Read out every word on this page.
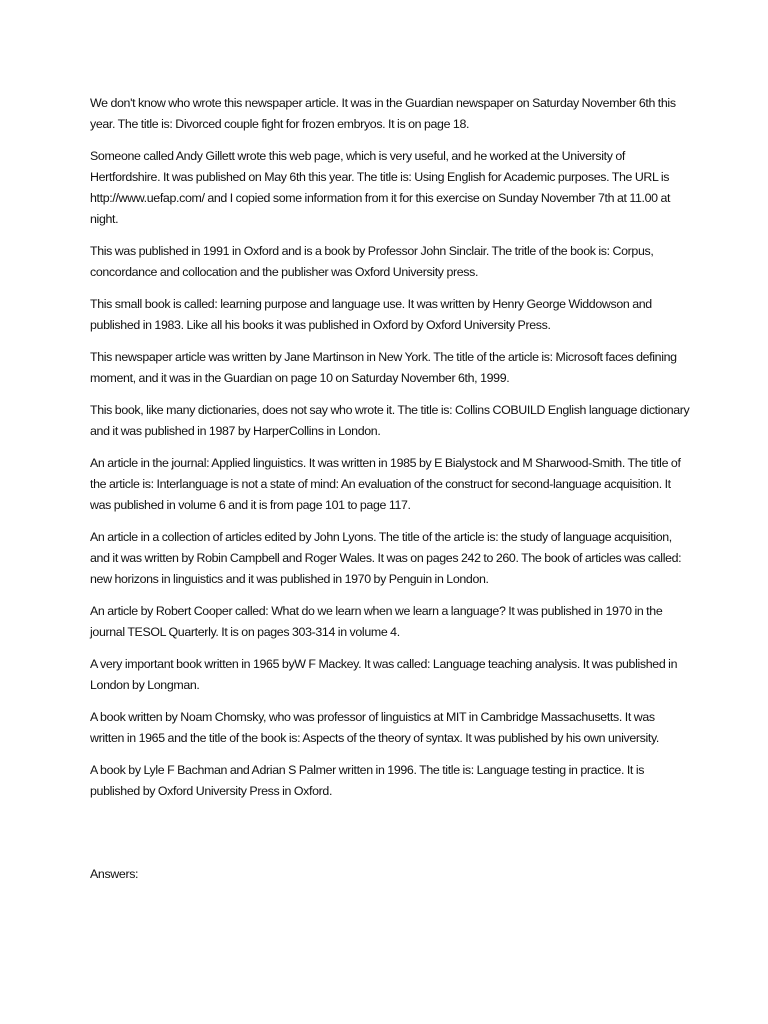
We don't know who wrote this newspaper article. It was in the Guardian newspaper on Saturday November 6th this year. The title is: Divorced couple fight for frozen embryos. It is on page 18.

Someone called Andy Gillett wrote this web page, which is very useful, and he worked at the University of Hertfordshire. It was published on May 6th this year. The title is: Using English for Academic purposes. The URL is http://www.uefap.com/ and I copied some information from it for this exercise on Sunday November 7th at 11.00 at night.

This was published in 1991 in Oxford and is a book by Professor John Sinclair. The tritle of the book is: Corpus, concordance and collocation and the publisher was Oxford University press.

This small book is called: learning purpose and language use. It was written by Henry George Widdowson and published in 1983. Like all his books it was published in Oxford by Oxford University Press.

This newspaper article was written by Jane Martinson in New York. The title of the article is: Microsoft faces defining moment, and it was in the Guardian on page 10 on Saturday November 6th, 1999.

This book, like many dictionaries, does not say who wrote it. The title is: Collins COBUILD English language dictionary and it was published in 1987 by HarperCollins in London.

An article in the journal: Applied linguistics. It was written in 1985 by E Bialystock and M Sharwood-Smith. The title of the article is: Interlanguage is not a state of mind: An evaluation of the construct for second-language acquisition. It was published in volume 6 and it is from page 101 to page 117.

An article in a collection of articles edited by John Lyons. The title of the article is: the study of language acquisition, and it was written by Robin Campbell and Roger Wales. It was on pages 242 to 260. The book of articles was called: new horizons in linguistics and it was published in 1970 by Penguin in London.

An article by Robert Cooper called: What do we learn when we learn a language? It was published in 1970 in the journal TESOL Quarterly. It is on pages 303-314 in volume 4.

A very important book written in 1965 byW F Mackey. It was called: Language teaching analysis. It was published in London by Longman.

A book written by Noam Chomsky, who was professor of linguistics at MIT in Cambridge Massachusetts. It was written in 1965 and the title of the book is: Aspects of the theory of syntax. It was published by his own university.

A book by Lyle F Bachman and Adrian S Palmer written in 1996. The title is: Language testing in practice. It is published by Oxford University Press in Oxford.

Answers:
